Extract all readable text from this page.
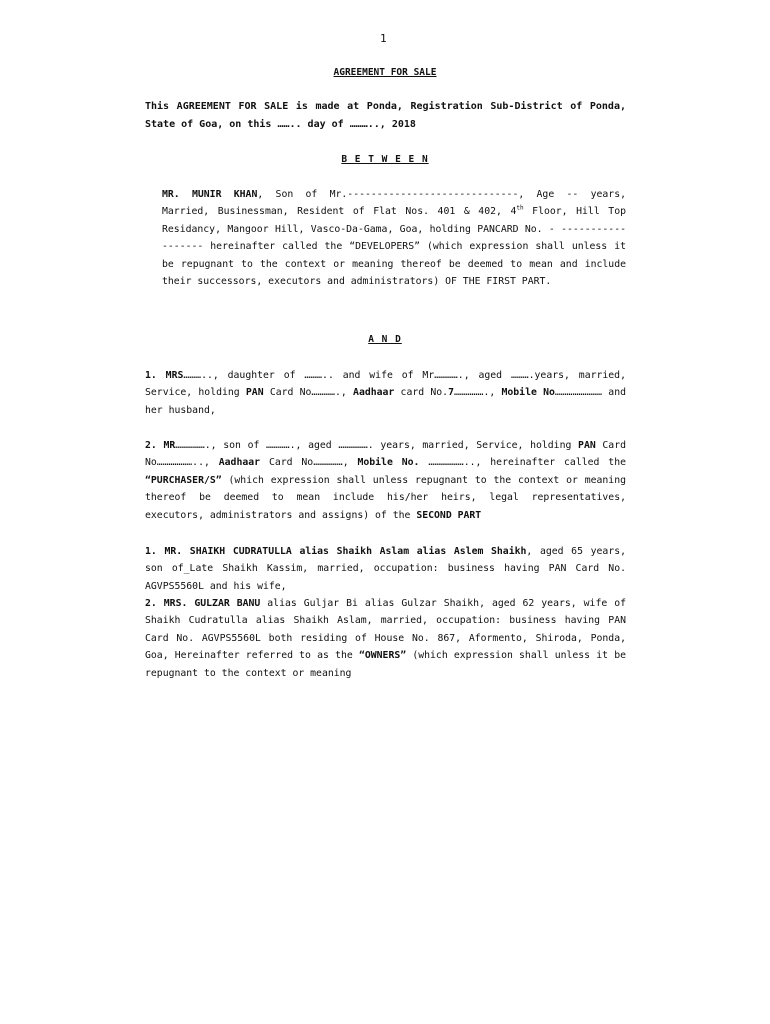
1
AGREEMENT FOR SALE
This AGREEMENT FOR SALE is made at Ponda, Registration Sub-District of Ponda, State of Goa, on this …….. day of ……….., 2018
B E T W E E N
MR. MUNIR KHAN, Son of Mr.-----------------------------, Age -- years, Married, Businessman, Resident of Flat Nos. 401 & 402, 4th Floor, Hill Top Residancy, Mangoor Hill, Vasco-Da-Gama, Goa, holding PANCARD No. - ------------------ hereinafter called the “DEVELOPERS” (which expression shall unless it be repugnant to the context or meaning thereof be deemed to mean and include their successors, executors and administrators) OF THE FIRST PART.
A N D
1. MRS……….., daughter of ……….. and wife of Mr…………., aged ……….years, married, Service, holding PAN Card No…………., Aadhaar card No.7……………., Mobile No…………………… and her husband,
2. MR……………., son of …………., aged ……………. years, married, Service, holding PAN Card No……………….., Aadhaar Card No……………, Mobile No. ……………….., hereinafter called the “PURCHASER/S” (which expression shall unless repugnant to the context or meaning thereof be deemed to mean include his/her heirs, legal representatives, executors, administrators and assigns) of the SECOND PART
1. MR. SHAIKH CUDRATULLA alias Shaikh Aslam alias Aslem Shaikh, aged 65 years, son of_Late Shaikh Kassim, married, occupation: business having PAN Card No. AGVPS5560L and his wife,
2. MRS. GULZAR BANU alias Guljar Bi alias Gulzar Shaikh, aged 62 years, wife of Shaikh Cudratulla alias Shaikh Aslam, married, occupation: business having PAN Card No. AGVPS5560L both residing of House No. 867, Aformento, Shiroda, Ponda, Goa, Hereinafter referred to as the “OWNERS” (which expression shall unless it be repugnant to the context or meaning
